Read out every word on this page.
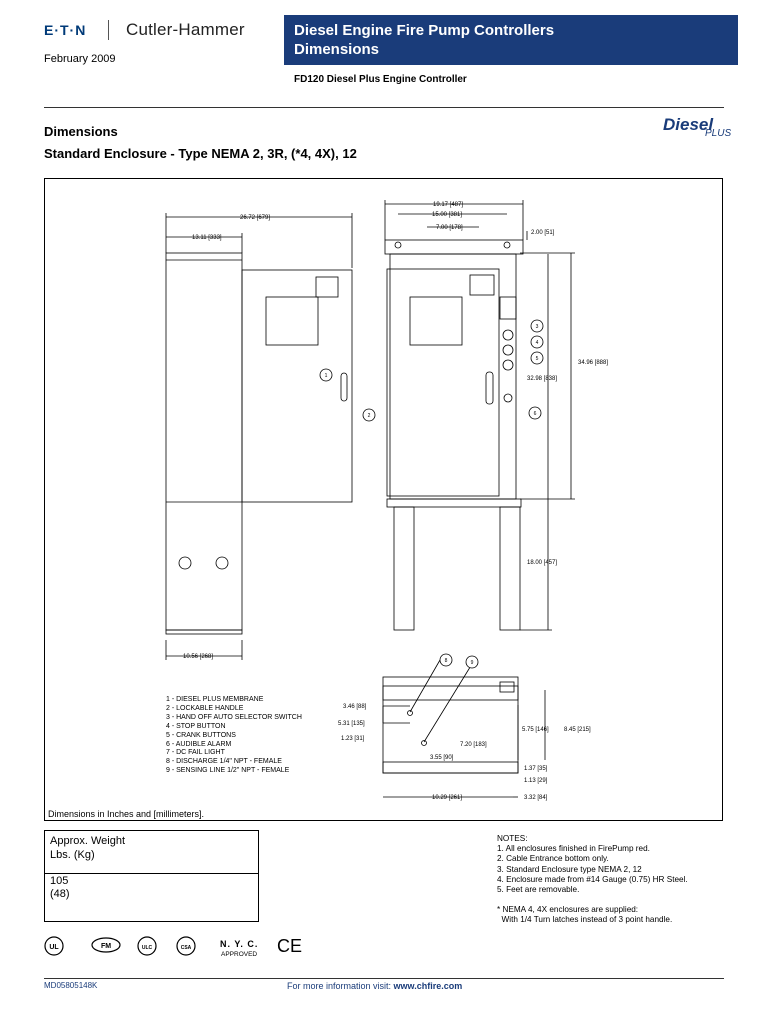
E·T·N Cutler-Hammer
February 2009
Diesel Engine Fire Pump Controllers
Dimensions
FD120 Diesel Plus Engine Controller
Dimensions
Standard Enclosure - Type NEMA 2, 3R, (*4, 4X), 12
Diesel
PLUS
1
2
3
4
5
6
8	9
26.72 [679]
13.11 [333]
10.56 [268]
19.17 [487]
15.00 [381]
7.00 [178]
2.00 [51]
34.96 [888]
32.98 [838]
18.00 [457]
3.46 [88]
5.31 [135]
1.23 [31]
7.20 [183]
3.55 [90]
5.75 [146]	8.45 [215]
1.37 [35]
1.13 [29]
10.29 [261]	3.32 [84]
1 - DIESEL PLUS MEMBRANE
2 - LOCKABLE HANDLE
3 - HAND OFF AUTO SELECTOR SWITCH
4 - STOP BUTTON
5 - CRANK BUTTONS
6 - AUDIBLE ALARM
7 - DC FAIL LIGHT
8 - DISCHARGE 1/4" NPT - FEMALE
9 - SENSING LINE 1/2" NPT - FEMALE
Dimensions in Inches and [millimeters].
Approx. Weight
Lbs. (Kg)
105
(48)
NOTES:
1. All enclosures finished in FirePump red.
2. Cable Entrance bottom only.
3. Standard Enclosure type NEMA 2, 12
4. Enclosure made from #14 Gauge (0.75) HR Steel.
5. Feet are removable.
* NEMA 4, 4X enclosures are supplied:
With 1/4 Turn latches instead of 3 point handle.
UL	FM	ULC	CSA	N. Y. C.
APPROVED CE
MD05805148K	For more information visit: www.chfire.com
